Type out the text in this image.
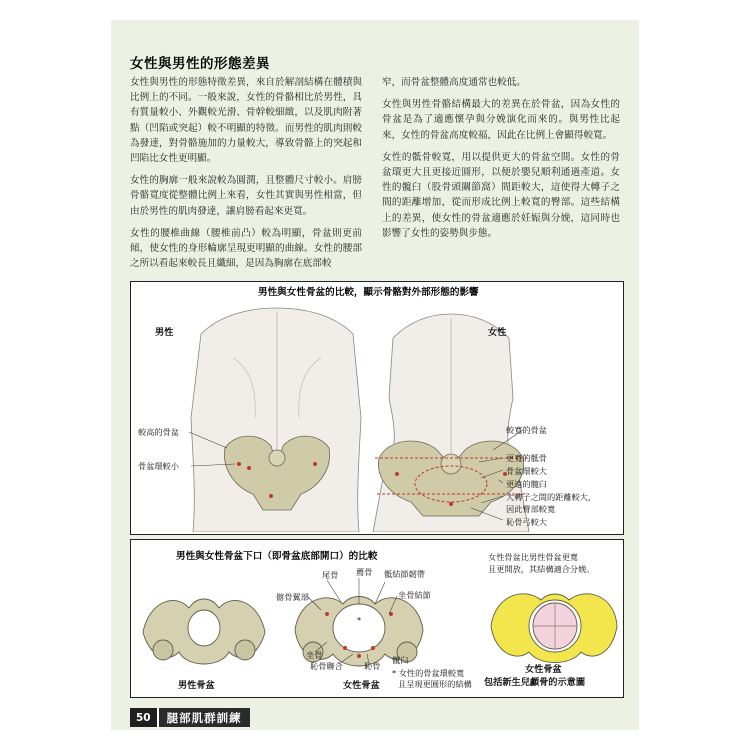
女性與男性的形態差異

女性與男性的形態特徵差異，來自於解剖結構在體積與比例上的不同。一般來說，女性的骨骼相比於男性，具有質量較小、外觀較光滑、骨幹較細緻，以及肌肉附著點（凹陷或突起）較不明顯的特徵。而男性的肌肉則較為發達，對骨骼施加的力量較大，導致骨骼上的突起和凹陷比女性更明顯。

女性的胸廓一般來說較為圓潤，且整體尺寸較小。肩膀骨骼寬度從整體比例上來看，女性其實與男性相當，但由於男性的肌肉發達，讓肩膀看起來更寬。

女性的腰椎曲線（腰椎前凸）較為明顯，骨盆則更前傾，使女性的身形輪廓呈現更明顯的曲線。女性的腰部之所以看起來較長且纖細，是因為胸廓在底部較

窄，而骨盆整體高度通常也較低。

女性與男性骨骼結構最大的差異在於骨盆，因為女性的骨盆是為了適應懷孕與分娩演化而來的。與男性比起來，女性的骨盆高度較福，因此在比例上會顯得較寬。

女性的骶骨較寬，用以提供更大的骨盆空間。女性的骨盆環更大且更接近圓形，以便於嬰兒順利通過產道。女性的髖臼（股骨頭關節窩）間距較大，這使得大轉子之間的距離增加，從而形成比例上較寬的臀部。這些結構上的差異，使女性的骨盆適應於妊娠與分娩，這同時也影響了女性的姿勢與步態。

男性與女性骨盆的比較，顯示骨骼對外部形態的影響
男性	女性
較高的骨盆
骨盆環較小
較寬的骨盆
更寬的骶骨
骨盆環較大
更遠的髖臼
大轉子之間的距離較大，
因此臀部較寬
恥骨弓較大
男性與女性骨盆下口（即骨盆底部開口）的比較
尾骨 薦骨 骶結節韌帶
髂骨翼部	坐骨結節
*
坐骨
恥骨聯合	恥骨
髖臼
* 女性的骨盆環較寬
且呈現更圓形的結構
男性骨盆	女性骨盆
女性骨盆比男性骨盆更寬
且更開放，其結構適合分娩。
女性骨盆
包括新生兒顱骨的示意圖
50	腿部肌群訓練
